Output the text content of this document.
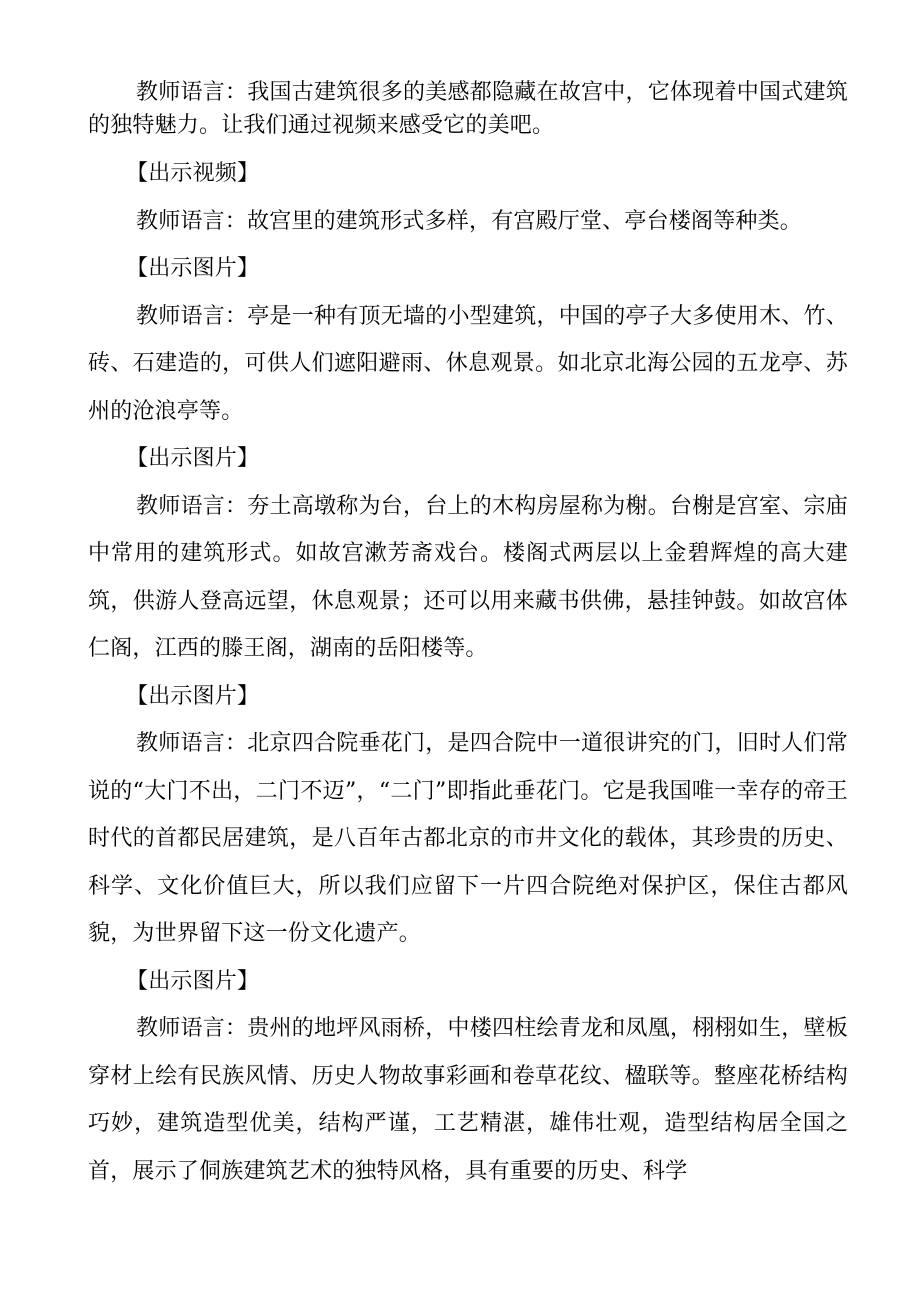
教师语言：我国古建筑很多的美感都隐藏在故宫中，它体现着中国式建筑的独特魅力。让我们通过视频来感受它的美吧。

【出示视频】

教师语言：故宫里的建筑形式多样，有宫殿厅堂、亭台楼阁等种类。

【出示图片】

教师语言：亭是一种有顶无墙的小型建筑，中国的亭子大多使用木、竹、砖、石建造的，可供人们遮阳避雨、休息观景。如北京北海公园的五龙亭、苏州的沧浪亭等。

【出示图片】

教师语言：夯土高墩称为台，台上的木构房屋称为榭。台榭是宫室、宗庙中常用的建筑形式。如故宫漱芳斋戏台。楼阁式两层以上金碧辉煌的高大建筑，供游人登高远望，休息观景；还可以用来藏书供佛，悬挂钟鼓。如故宫体仁阁，江西的滕王阁，湖南的岳阳楼等。

【出示图片】

教师语言：北京四合院垂花门，是四合院中一道很讲究的门，旧时人们常说的“大门不出，二门不迈”，“二门”即指此垂花门。它是我国唯一幸存的帝王时代的首都民居建筑，是八百年古都北京的市井文化的载体，其珍贵的历史、科学、文化价值巨大，所以我们应留下一片四合院绝对保护区，保住古都风貌，为世界留下这一份文化遗产。

【出示图片】

教师语言：贵州的地坪风雨桥，中楼四柱绘青龙和凤凰，栩栩如生，壁板穿材上绘有民族风情、历史人物故事彩画和卷草花纹、楹联等。整座花桥结构巧妙，建筑造型优美，结构严谨，工艺精湛，雄伟壮观，造型结构居全国之首，展示了侗族建筑艺术的独特风格，具有重要的历史、科学
